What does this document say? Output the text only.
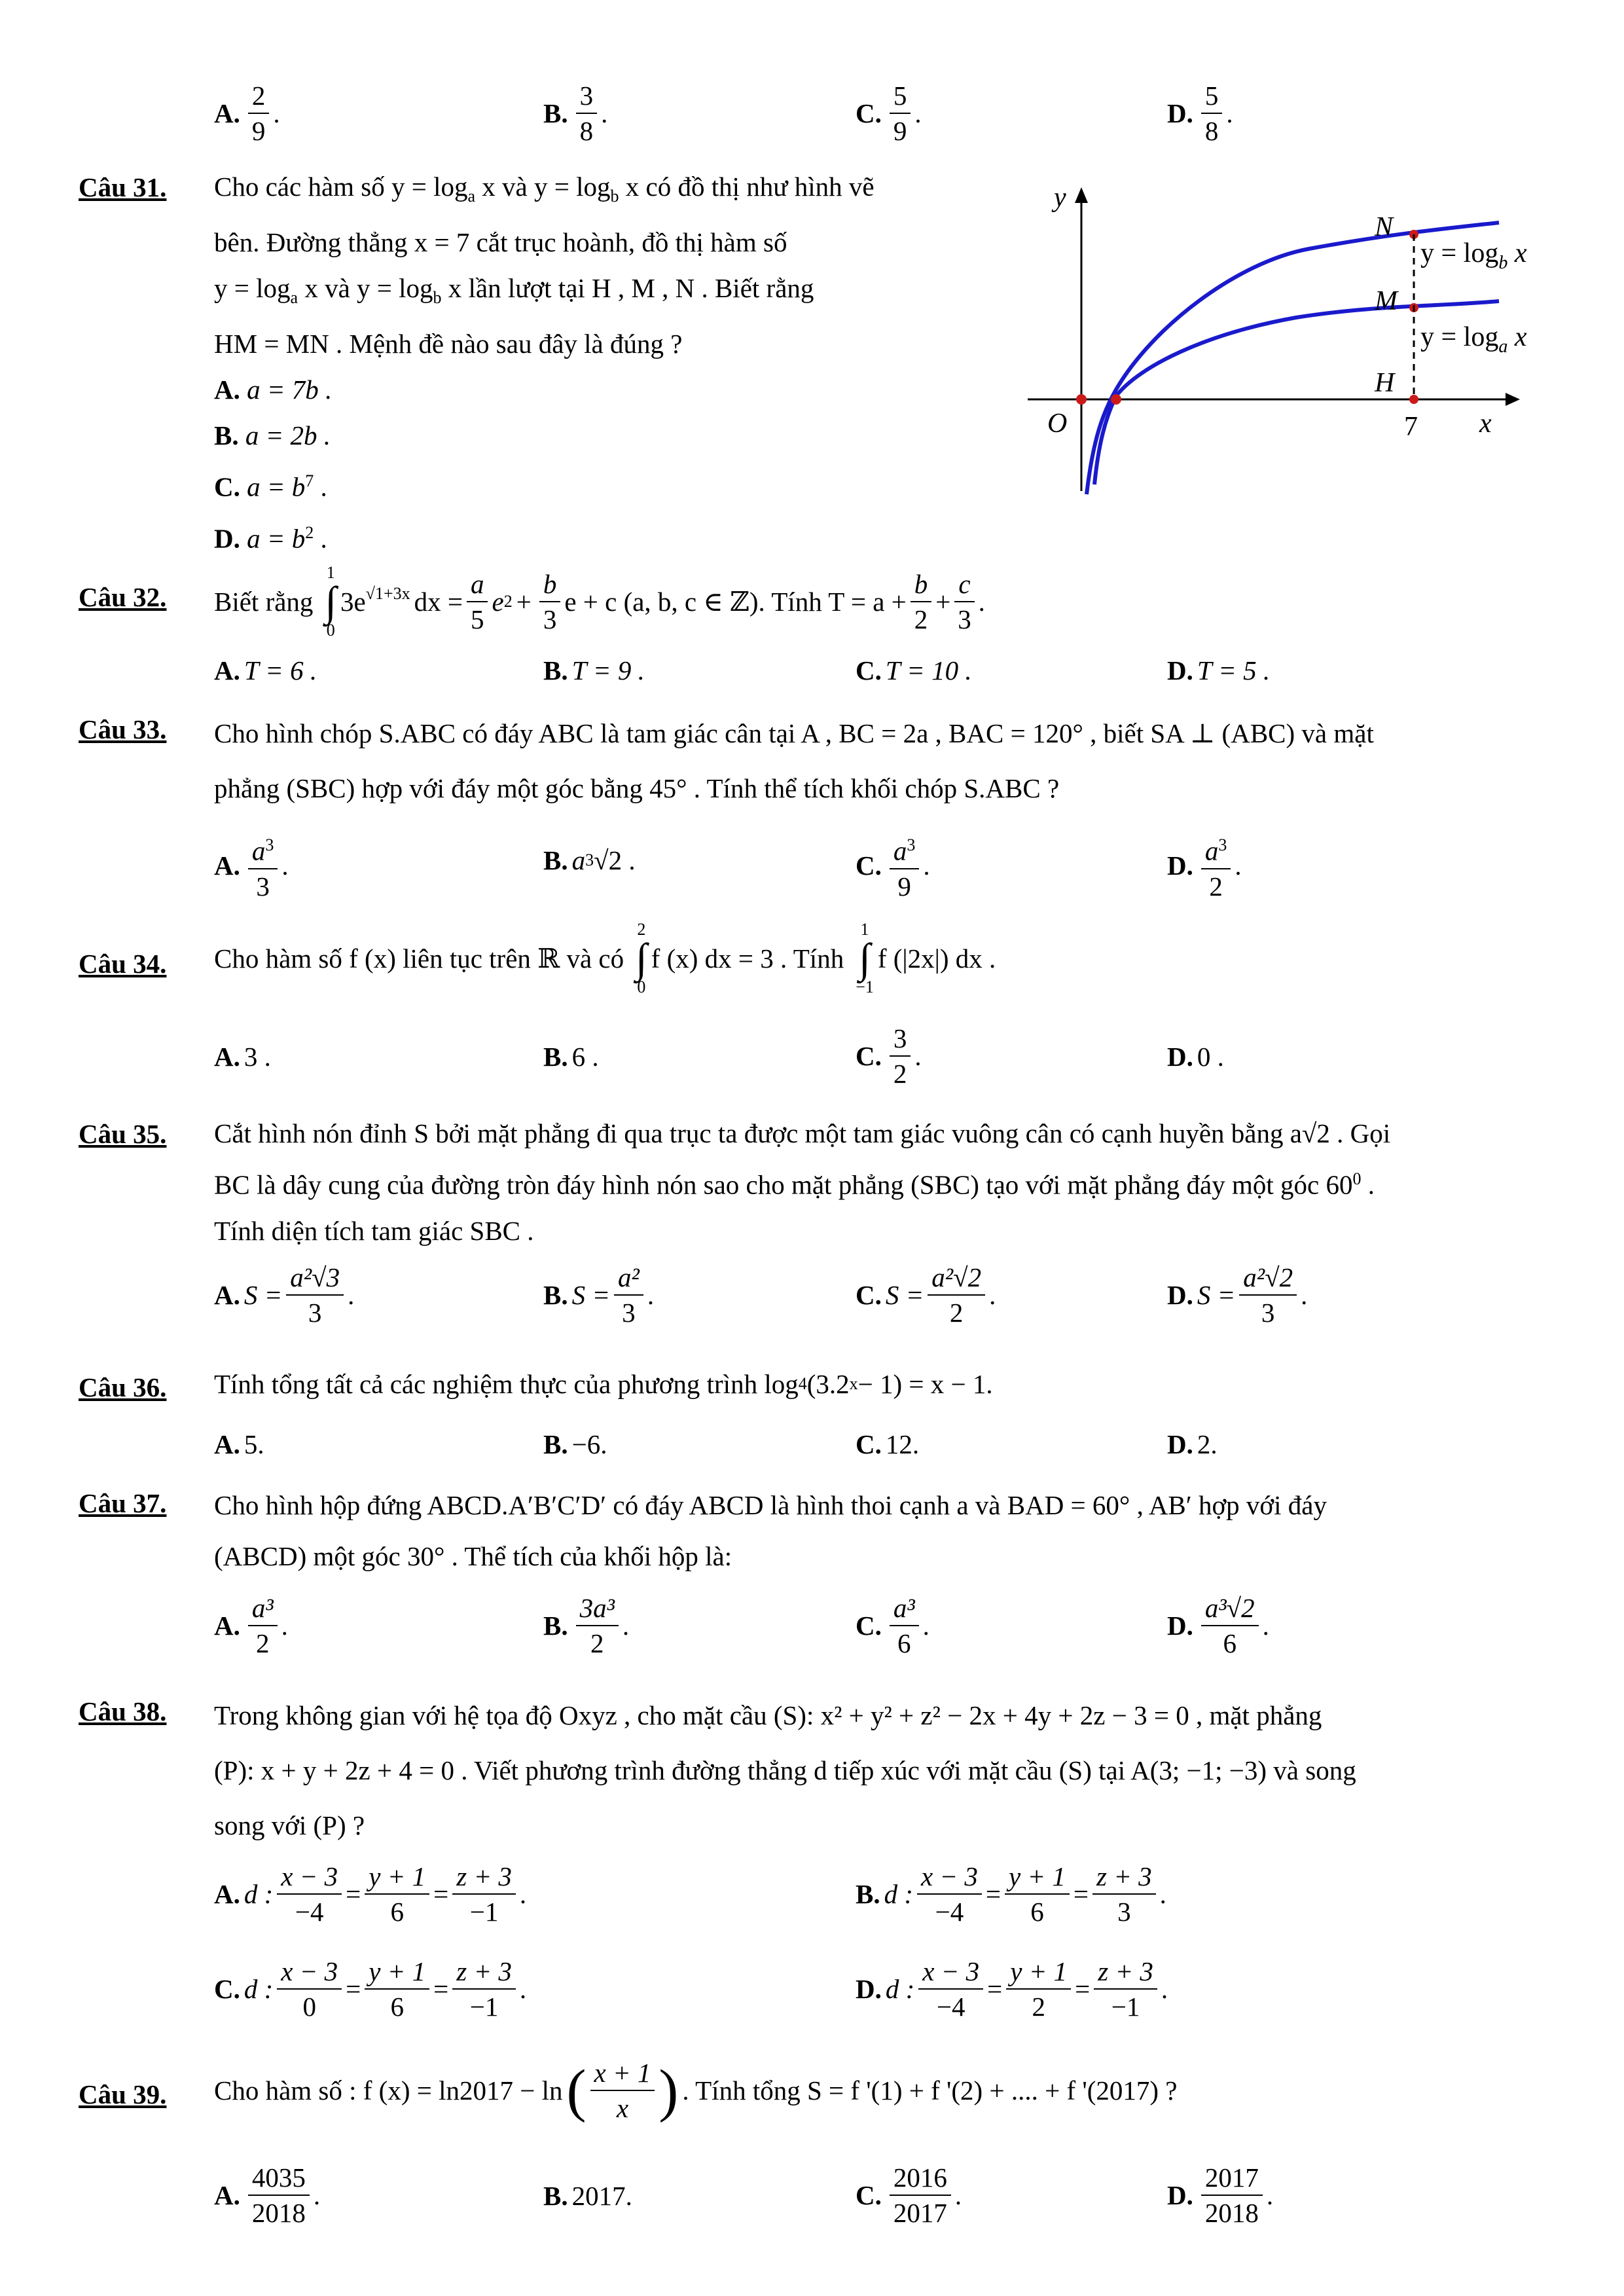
A. $\frac{2}{9}$ .	B. $\frac{3}{8}$ .	C. $\frac{5}{9}$ .	D. $\frac{5}{8}$ .
Câu 31. Cho các hàm số $y = \log_a x$ và $y = \log_b x$ có đồ thị như hình vẽ
bên. Đường thẳng x = 7 cắt trục hoành, đồ thị hàm số
$y = \log_a x$ và $y = \log_b x$ lần lượt tại H , M , N . Biết rằng
HM = MN . Mệnh đề nào sau đây là đúng ?
A. a = 7b .
B. a = 2b .
C. $a = b^7$ .
D. $a = b^2$ .
y
x
O	7
N
M
H
$y = \log_b x$
$y = \log_a x$
Câu 32. Biết rằng
1
∫
0
$3e^{√1+3x}$ dx = $\frac{a}{5}$ e $2 + \frac{b}{3}$ e + c (a, b, c ∈ ℤ). Tính $T = a + \frac{b}{2} + \frac{c}{3}$ .
A. T = 6 .	B. T = 9 .	C. T = 10 .	D. T = 5 .
Câu 33. Cho hình chóp S.ABC có đáy ABC là tam giác cân tại A , BC = 2a , BAC = 120° , biết SA ⊥ (ABC) và mặt
phẳng (SBC) hợp với đáy một góc bằng 45° . Tính thể tích khối chóp S.ABC ?
A. $\frac{a^3}{3}$ .	B. a 3 √2 .	C. $\frac{a^3}{9}$ .	D. $\frac{a^3}{2}$ .
Câu 34. Cho hàm số f (x) liên tục trên ℝ và có
2
∫
0
f (x) dx = 3 . Tính
1
∫
−1
f (|2x|) dx .
A. 3 .	B. 6 .	C. $\frac{3}{2}$ .	D. 0 .
Câu 35. Cắt hình nón đỉnh S bởi mặt phẳng đi qua trục ta được một tam giác vuông cân có cạnh huyền bằng a√2 . Gọi
BC là dây cung của đường tròn đáy hình nón sao cho mặt phẳng (SBC) tạo với mặt phẳng đáy một góc $60^0$ .
Tính diện tích tam giác SBC .
A. $S = \frac{\text{a²√3}}{3}$ .	B. $S = \frac{\text{a²}}{3}$ .	C. $S = \frac{\text{a²√2}}{2}$ .	D. $S = \frac{\text{a²√2}}{3}$ .
Câu 36. Tính tổng tất cả các nghiệm thực của phương trình log 4 (3.2 x − 1) = x − 1.
A. 5.	B. −6.	C. 12.	D. 2.
Câu 37. Cho hình hộp đứng ABCD.A′B′C′D′ có đáy ABCD là hình thoi cạnh a và BAD = 60° , AB′ hợp với đáy
(ABCD) một góc 30° . Thể tích của khối hộp là:
A. $\frac{\text{a³}}{2}$ .	B. $\frac{\text{3a³}}{2}$ .	C. $\frac{\text{a³}}{6}$ .	D. $\frac{\text{a³√2}}{6}$ .
Câu 38. Trong không gian với hệ tọa độ Oxyz , cho mặt cầu (S): x² + y² + z² − 2x + 4y + 2z − 3 = 0 , mặt phẳng
(P): x + y + 2z + 4 = 0 . Viết phương trình đường thẳng d tiếp xúc với mặt cầu (S) tại A(3; −1; −3) và song
song với (P) ?
A. d : $\frac{x - 3}{-4} = \frac{y + 1}{6} = \frac{z + 3}{-1}$ .	B. d : $\frac{x - 3}{-4} = \frac{y + 1}{6} = \frac{z + 3}{3}$ .
C. d : $\frac{x - 3}{0} = \frac{y + 1}{6} = \frac{z + 3}{-1}$ .	D. d : $\frac{x - 3}{-4} = \frac{y + 1}{2} = \frac{z + 3}{-1}$ .
Câu 39. Cho hàm số : f (x) = ln2017 − ln ( $\frac{x + 1}{x}$ ) . Tính tổng S = f '(1) + f '(2) + .... + f '(2017) ?
A. $\frac{4035}{2018}$ .	B. 2017.	C. $\frac{2016}{2017}$ .	D. $\frac{2017}{2018}$ .
